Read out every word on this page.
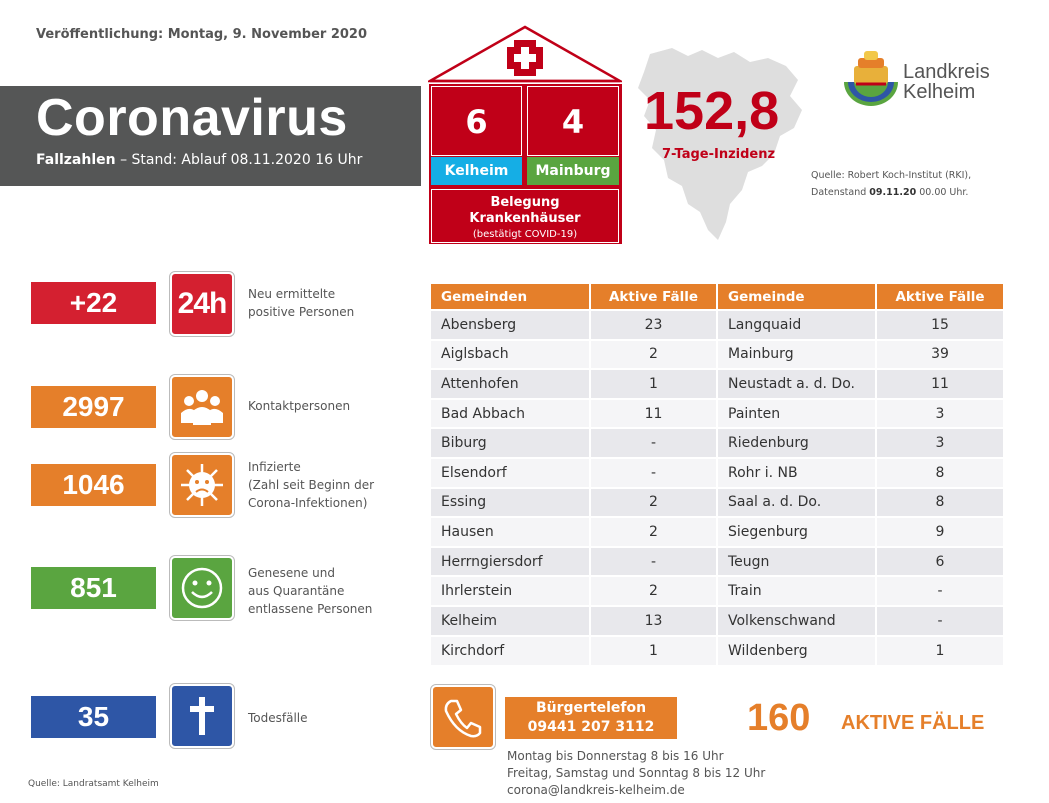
Veröffentlichung: Montag, 9. November 2020
Coronavirus
Fallzahlen – Stand: Ablauf 08.11.2020 16 Uhr
6	4
Kelheim	Mainburg
Belegung
Krankenhäuser
(bestätigt COVID-19)
152,8
7-Tage-Inzidenz
Quelle: Robert Koch-Institut (RKI),
Datenstand 09.11.20 00.00 Uhr.
Landkreis
Kelheim
+22	24h Neu ermittelte
positive Personen
2997	Kontaktpersonen
1046
Infizierte
(Zahl seit Beginn der
Corona-Infektionen)
851	Genesene und
aus Quarantäne
entlassene Personen
35	Todesfälle
Gemeinden	Aktive Fälle	Gemeinde	Aktive Fälle
Abensberg	23	Langquaid	15
Aiglsbach	2	Mainburg	39
Attenhofen	1	Neustadt a. d. Do.	11
Bad Abbach	11	Painten	3
Biburg	-	Riedenburg	3
Elsendorf	-	Rohr i. NB	8
Essing	2	Saal a. d. Do.	8
Hausen	2	Siegenburg	9
Herrngiersdorf	-	Teugn	6
Ihrlerstein	2	Train	-
Kelheim	13	Volkenschwand	-
Kirchdorf	1	Wildenberg	1
Bürgertelefon
09441 207 3112
Montag bis Donnerstag 8 bis 16 Uhr
Freitag, Samstag und Sonntag 8 bis 12 Uhr
corona@landkreis-kelheim.de
160 AKTIVE FÄLLE
Quelle: Landratsamt Kelheim
